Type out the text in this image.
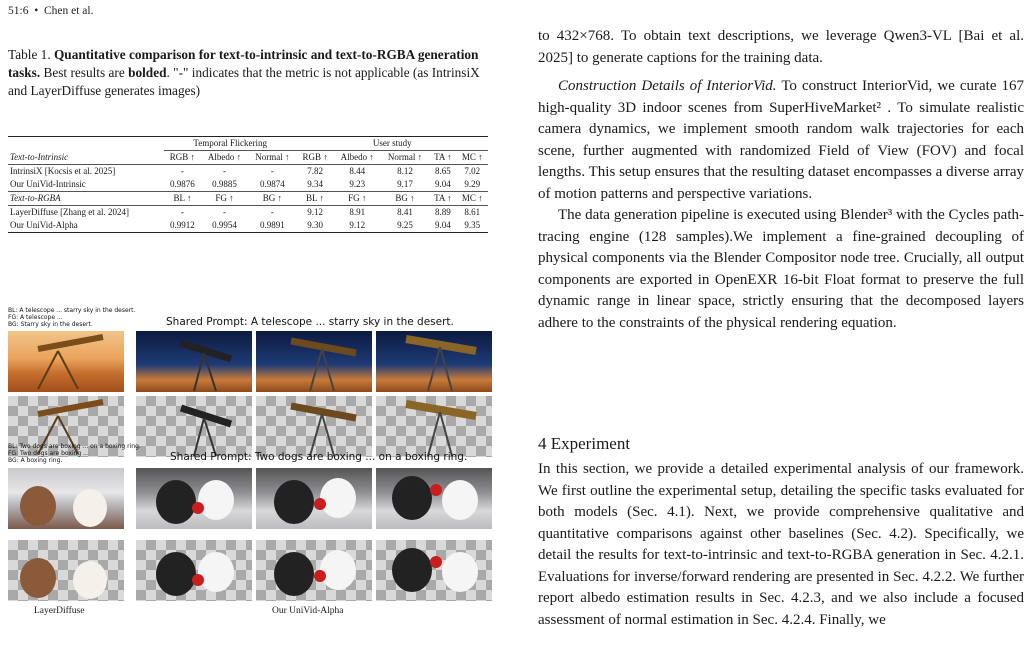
51:6 • Chen et al.

Table 1. Quantitative comparison for text-to-intrinsic and text-to-RGBA generation tasks. Best results are bolded. "-" indicates that the metric is not applicable (as IntrinsiX and LayerDiffuse generates images)

	Temporal Flickering			User study				
Text-to-Intrinsic	RGB ↑	Albedo ↑	Normal ↑	RGB ↑	Albedo ↑	Normal ↑	TA ↑	MC ↑
IntrinsiX [Kocsis et al. 2025]	-	-	-	7.82	8.44	8.12	8.65	7.02
Our UniVid-Intrinsic	0.9876	0.9885	0.9874	9.34	9.23	9.17	9.04	9.29
Text-to-RGBA	BL ↑	FG ↑	BG ↑	BL ↑	FG ↑	BG ↑	TA ↑	MC ↑
LayerDiffuse [Zhang et al. 2024]	-	-	-	9.12	8.91	8.41	8.89	8.61
Our UniVid-Alpha	0.9912	0.9954	0.9891	9.30	9.12	9.25	9.04	9.35
BL: A telescope ... starry sky in the desert.
FG: A telescope ...
BG: Starry sky in the desert.	Shared Prompt: A telescope ... starry sky in the desert.
BL: Two dogs are boxing ... on a boxing ring.
FG: Two dogs are boxing ...
BG: A boxing ring.	Shared Prompt: Two dogs are boxing ... on a boxing ring.
LayerDiffuse	Our UniVid-Alpha

to 432×768. To obtain text descriptions, we leverage Qwen3-VL [Bai et al. 2025] to generate captions for the training data.

Construction Details of InteriorVid. To construct InteriorVid, we curate 167 high-quality 3D indoor scenes from SuperHiveMarket² . To simulate realistic camera dynamics, we implement smooth random walk trajectories for each scene, further augmented with randomized Field of View (FOV) and focal lengths. This setup ensures that the resulting dataset encompasses a diverse array of motion patterns and perspective variations.

The data generation pipeline is executed using Blender³ with the Cycles path-tracing engine (128 samples).We implement a fine-grained decoupling of physical components via the Blender Compositor node tree. Crucially, all output components are exported in OpenEXR 16-bit Float format to preserve the full dynamic range in linear space, strictly ensuring that the decomposed layers adhere to the constraints of the physical rendering equation.

4 Experiment

In this section, we provide a detailed experimental analysis of our framework. We first outline the experimental setup, detailing the specific tasks evaluated for both models (Sec. 4.1). Next, we provide comprehensive qualitative and quantitative comparisons against other baselines (Sec. 4.2). Specifically, we detail the results for text-to-intrinsic and text-to-RGBA generation in Sec. 4.2.1. Evaluations for inverse/forward rendering are presented in Sec. 4.2.2. We further report albedo estimation results in Sec. 4.2.3, and we also include a focused assessment of normal estimation in Sec. 4.2.4. Finally, we
